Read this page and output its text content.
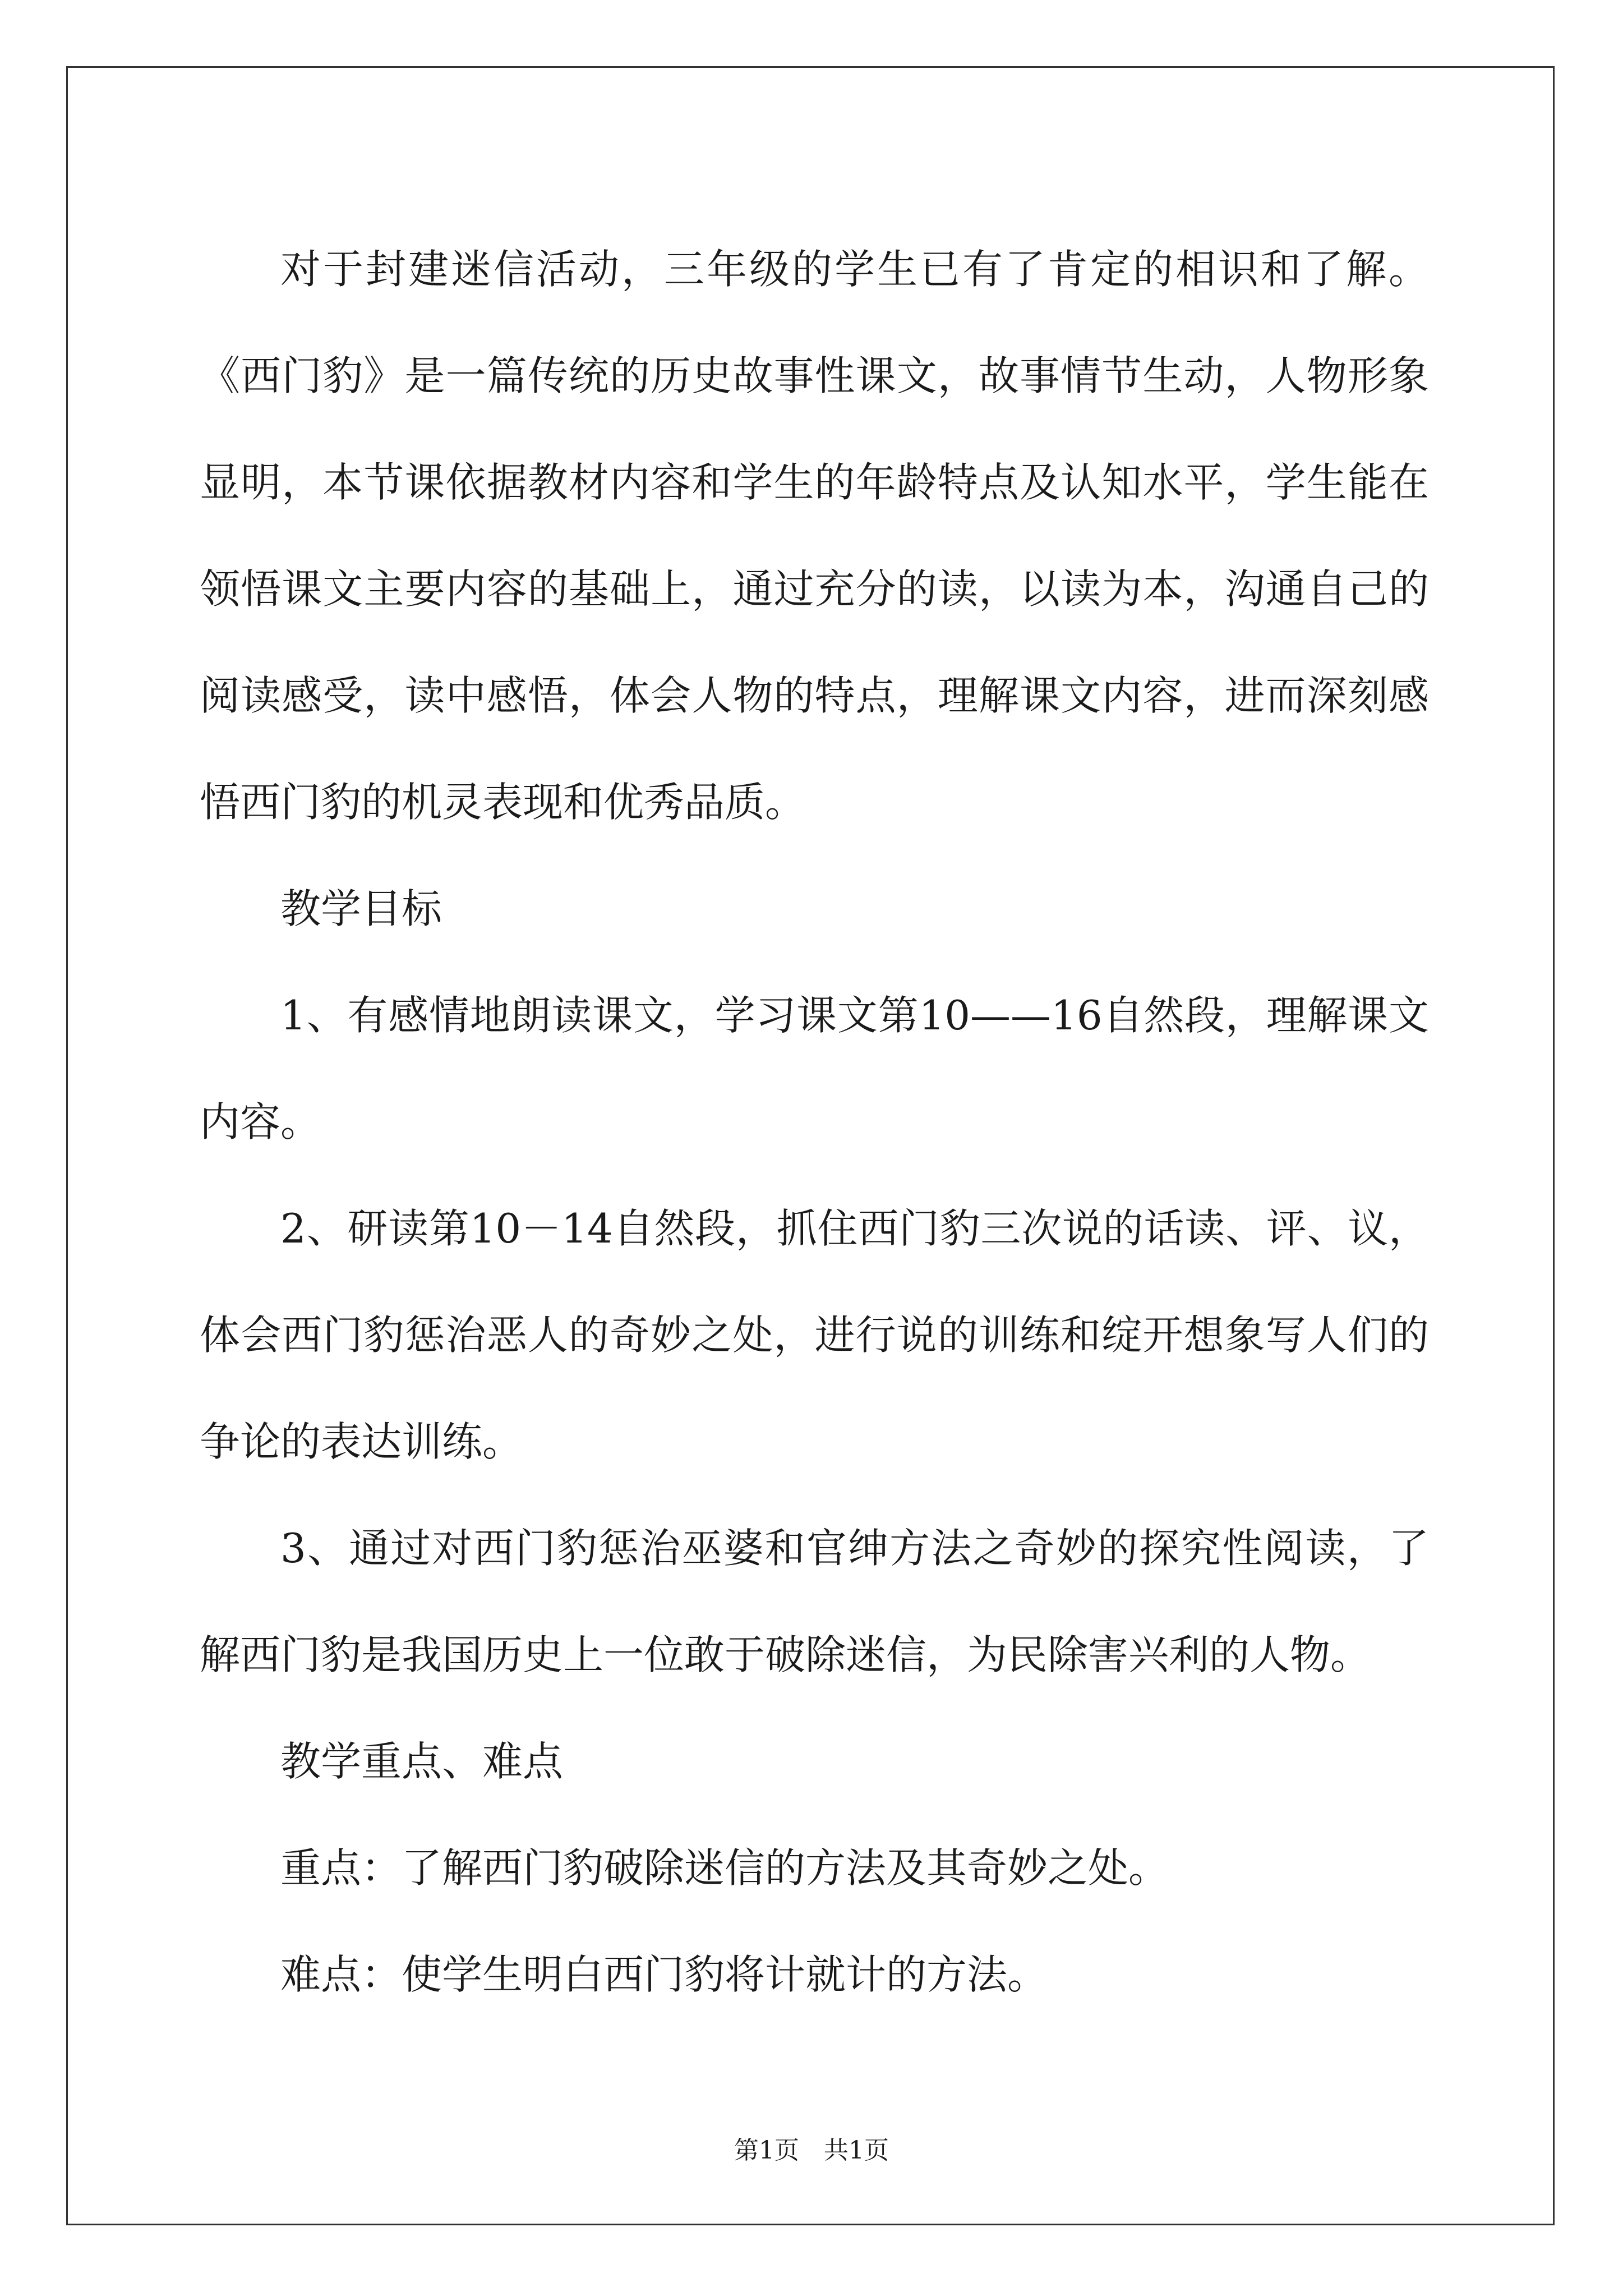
对于封建迷信活动，三年级的学生已有了肯定的相识和了解。《西门豹》是一篇传统的历史故事性课文，故事情节生动，人物形象显明，本节课依据教材内容和学生的年龄特点及认知水平，学生能在领悟课文主要内容的基础上，通过充分的读，以读为本，沟通自己的阅读感受，读中感悟，体会人物的特点，理解课文内容，进而深刻感悟西门豹的机灵表现和优秀品质。

教学目标

1、有感情地朗读课文，学习课文第10——16自然段，理解课文内容。

2、研读第10－14自然段，抓住西门豹三次说的话读、评、议，体会西门豹惩治恶人的奇妙之处，进行说的训练和绽开想象写人们的争论的表达训练。

3、通过对西门豹惩治巫婆和官绅方法之奇妙的探究性阅读，了解西门豹是我国历史上一位敢于破除迷信，为民除害兴利的人物。

教学重点、难点

重点：了解西门豹破除迷信的方法及其奇妙之处。

难点：使学生明白西门豹将计就计的方法。

第1页 共1页
